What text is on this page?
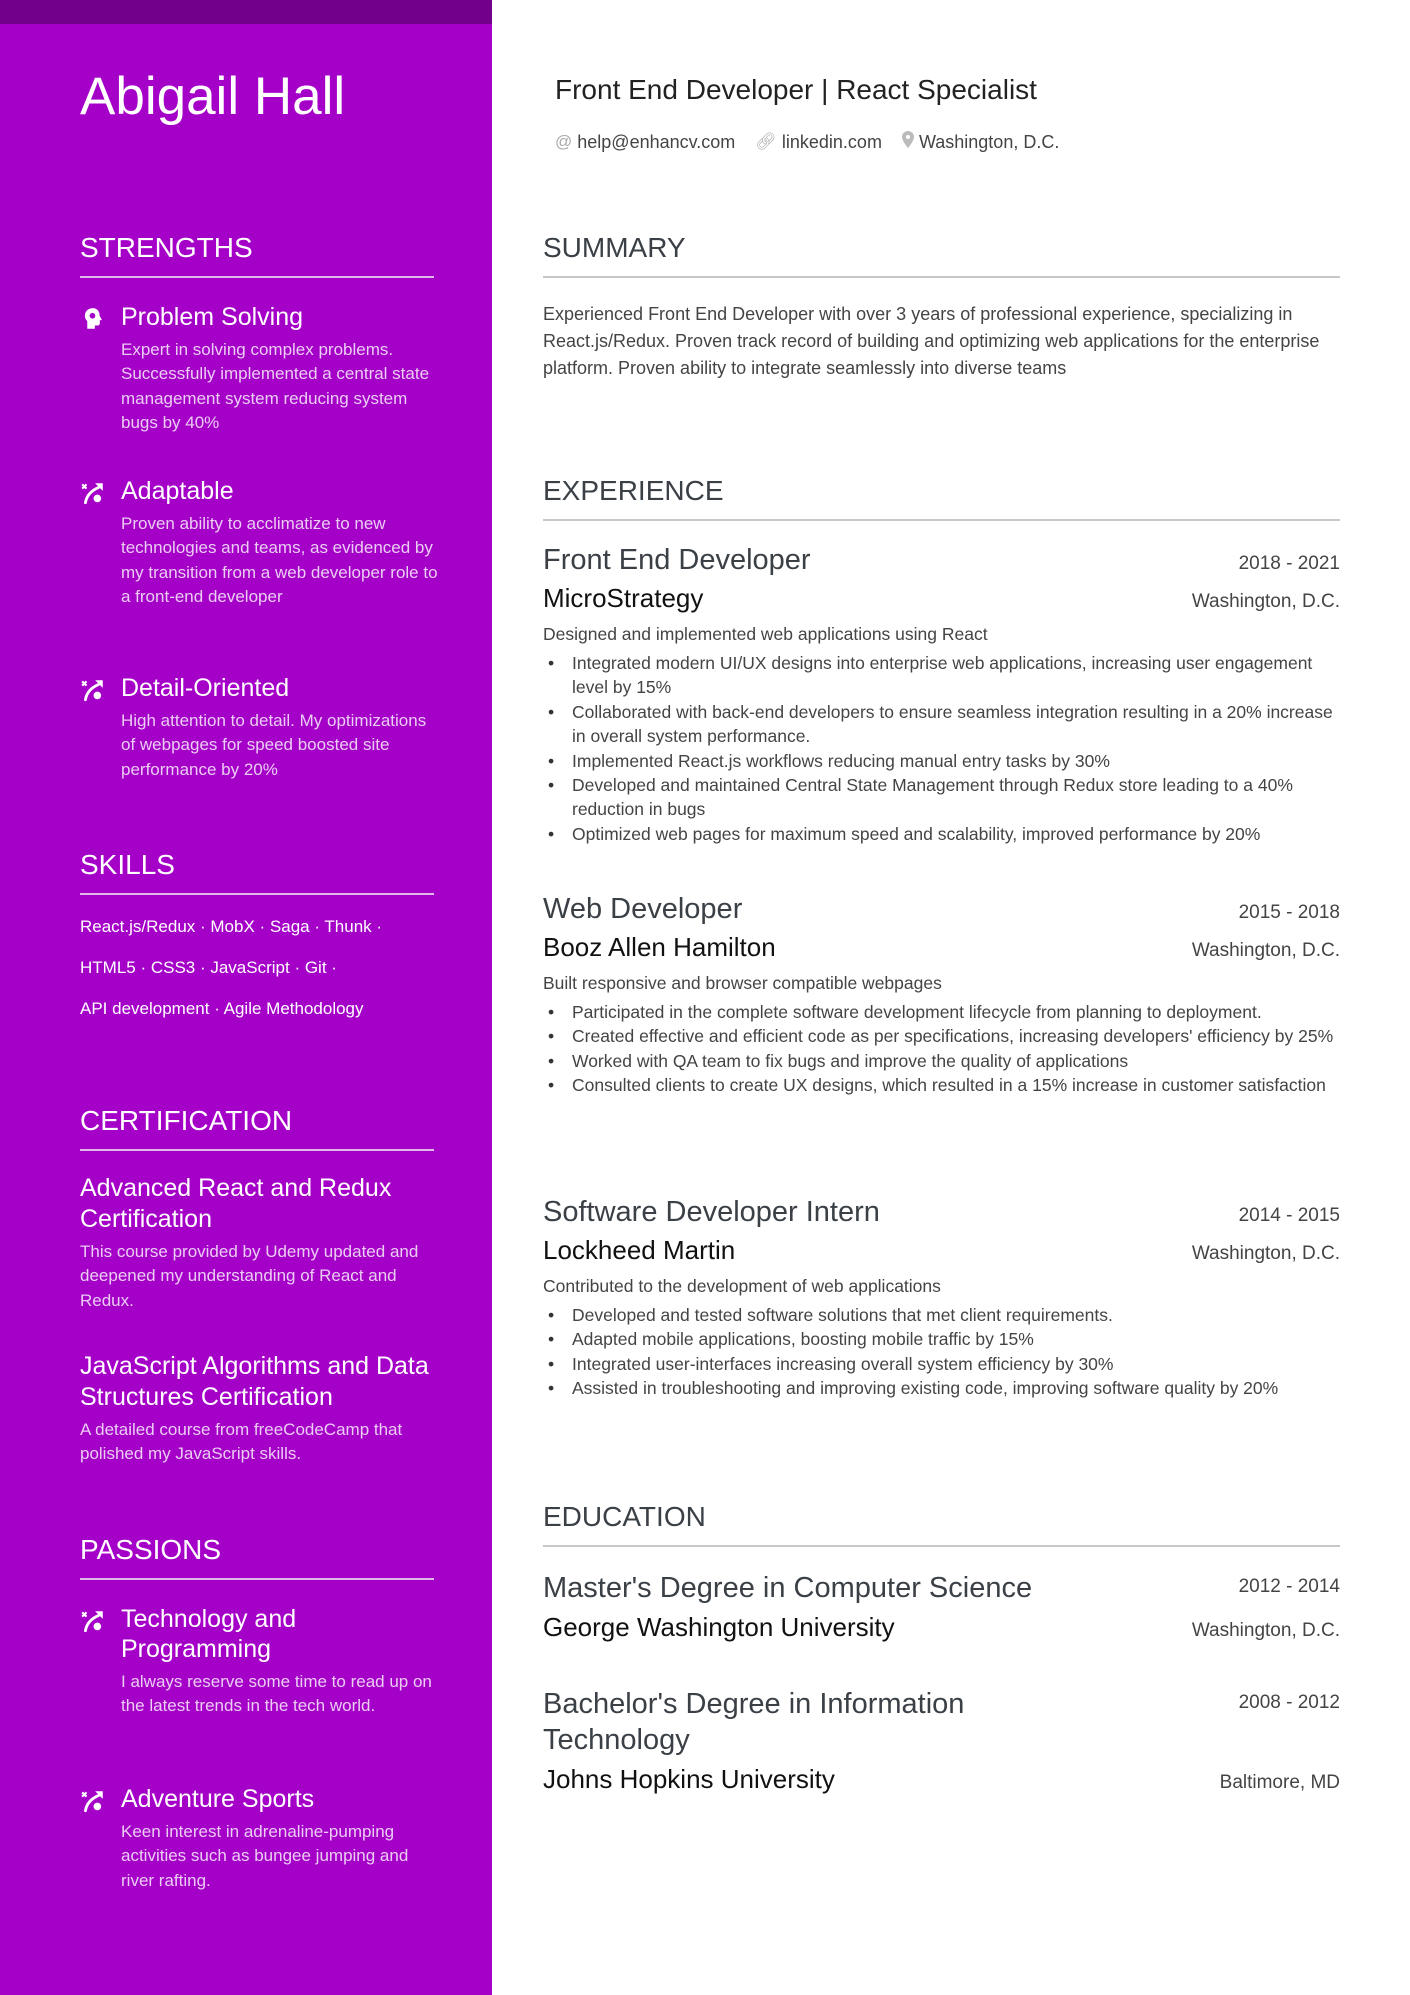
Abigail Hall	Front End Developer | React Specialist
@ help@enhancv.com 🔗︎ linkedin.com Washington, D.C.
STRENGTHS
Problem Solving
Expert in solving complex problems. Successfully implemented a central state management system reducing system bugs by 40%
Adaptable
Proven ability to acclimatize to new technologies and teams, as evidenced by my transition from a web developer role to a front-end developer
Detail-Oriented
High attention to detail. My optimizations of webpages for speed boosted site performance by 20%
SKILLS
React.js/Redux · MobX · Saga · Thunk ·
HTML5 · CSS3 · JavaScript · Git ·
API development · Agile Methodology
CERTIFICATION
Advanced React and Redux Certification
This course provided by Udemy updated and deepened my understanding of React and Redux.
JavaScript Algorithms and Data Structures Certification
A detailed course from freeCodeCamp that polished my JavaScript skills.
PASSIONS
Technology and Programming
I always reserve some time to read up on the latest trends in the tech world.
Adventure Sports
Keen interest in adrenaline-pumping activities such as bungee jumping and river rafting.
SUMMARY
Experienced Front End Developer with over 3 years of professional experience, specializing in React.js/Redux. Proven track record of building and optimizing web applications for the enterprise platform. Proven ability to integrate seamlessly into diverse teams
EXPERIENCE
Front End Developer	2018 - 2021
MicroStrategy	Washington, D.C.
Designed and implemented web applications using React
• Integrated modern UI/UX designs into enterprise web applications, increasing user engagement level by 15%
• Collaborated with back-end developers to ensure seamless integration resulting in a 20% increase in overall system performance.
• Implemented React.js workflows reducing manual entry tasks by 30%
• Developed and maintained Central State Management through Redux store leading to a 40% reduction in bugs
• Optimized web pages for maximum speed and scalability, improved performance by 20%
Web Developer	2015 - 2018
Booz Allen Hamilton	Washington, D.C.
Built responsive and browser compatible webpages
• Participated in the complete software development lifecycle from planning to deployment.
• Created effective and efficient code as per specifications, increasing developers' efficiency by 25%
• Worked with QA team to fix bugs and improve the quality of applications
• Consulted clients to create UX designs, which resulted in a 15% increase in customer satisfaction
Software Developer Intern	2014 - 2015
Lockheed Martin	Washington, D.C.
Contributed to the development of web applications
• Developed and tested software solutions that met client requirements.
• Adapted mobile applications, boosting mobile traffic by 15%
• Integrated user-interfaces increasing overall system efficiency by 30%
• Assisted in troubleshooting and improving existing code, improving software quality by 20%
EDUCATION
Master's Degree in Computer Science	2012 - 2014
George Washington University	Washington, D.C.
Bachelor's Degree in Information Technology
2008 - 2012
Johns Hopkins University	Baltimore, MD
